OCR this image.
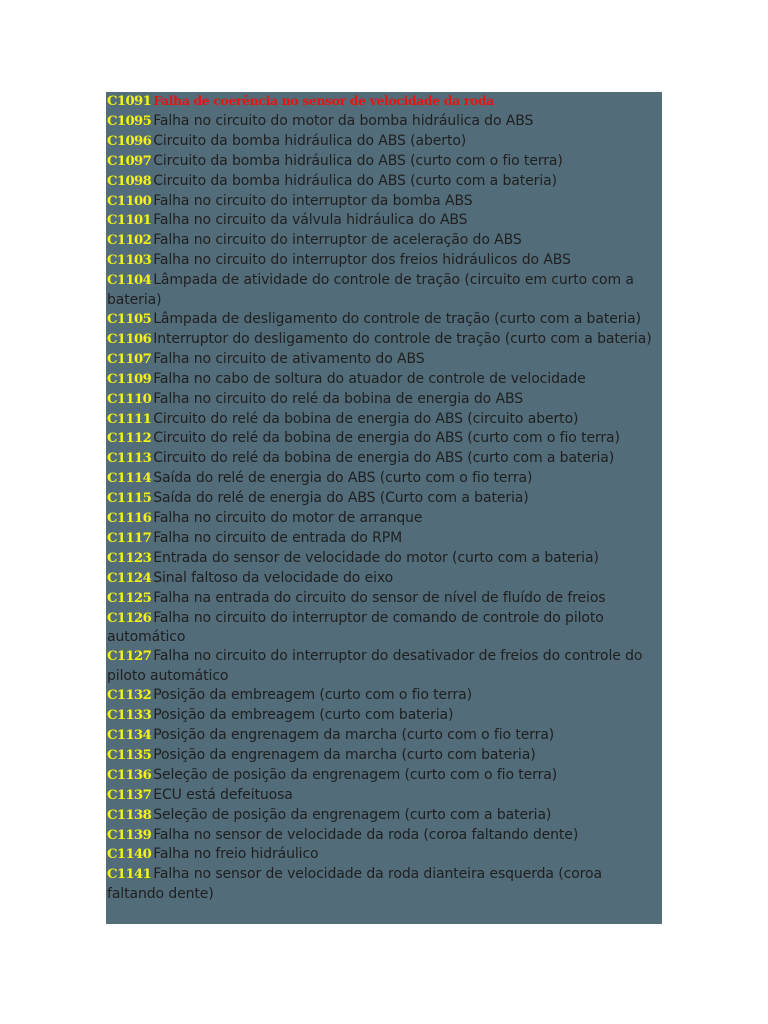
C1091 Falha de coerência no sensor de velocidade da roda

C1095 Falha no circuito do motor da bomba hidráulica do ABS

C1096 Circuito da bomba hidráulica do ABS (aberto)

C1097 Circuito da bomba hidráulica do ABS (curto com o fio terra)

C1098 Circuito da bomba hidráulica do ABS (curto com a bateria)

C1100 Falha no circuito do interruptor da bomba ABS

C1101 Falha no circuito da válvula hidráulica do ABS

C1102 Falha no circuito do interruptor de aceleração do ABS

C1103 Falha no circuito do interruptor dos freios hidráulicos do ABS

C1104 Lâmpada de atividade do controle de tração (circuito em curto com a bateria)

C1105 Lâmpada de desligamento do controle de tração (curto com a bateria)

C1106 Interruptor do desligamento do controle de tração (curto com a bateria)

C1107 Falha no circuito de ativamento do ABS

C1109 Falha no cabo de soltura do atuador de controle de velocidade

C1110 Falha no circuito do relé da bobina de energia do ABS

C1111 Circuito do relé da bobina de energia do ABS (circuito aberto)

C1112 Circuito do relé da bobina de energia do ABS (curto com o fio terra)

C1113 Circuito do relé da bobina de energia do ABS (curto com a bateria)

C1114 Saída do relé de energia do ABS (curto com o fio terra)

C1115 Saída do relé de energia do ABS (Curto com a bateria)

C1116 Falha no circuito do motor de arranque

C1117 Falha no circuito de entrada do RPM

C1123 Entrada do sensor de velocidade do motor (curto com a bateria)

C1124 Sinal faltoso da velocidade do eixo

C1125 Falha na entrada do circuito do sensor de nível de fluído de freios

C1126 Falha no circuito do interruptor de comando de controle do piloto automático

C1127 Falha no circuito do interruptor do desativador de freios do controle do piloto automático

C1132 Posição da embreagem (curto com o fio terra)

C1133 Posição da embreagem (curto com bateria)

C1134 Posição da engrenagem da marcha (curto com o fio terra)

C1135 Posição da engrenagem da marcha (curto com bateria)

C1136 Seleção de posição da engrenagem (curto com o fio terra)

C1137 ECU está defeituosa

C1138 Seleção de posição da engrenagem (curto com a bateria)

C1139 Falha no sensor de velocidade da roda (coroa faltando dente)

C1140 Falha no freio hidráulico

C1141 Falha no sensor de velocidade da roda dianteira esquerda (coroa faltando dente)
